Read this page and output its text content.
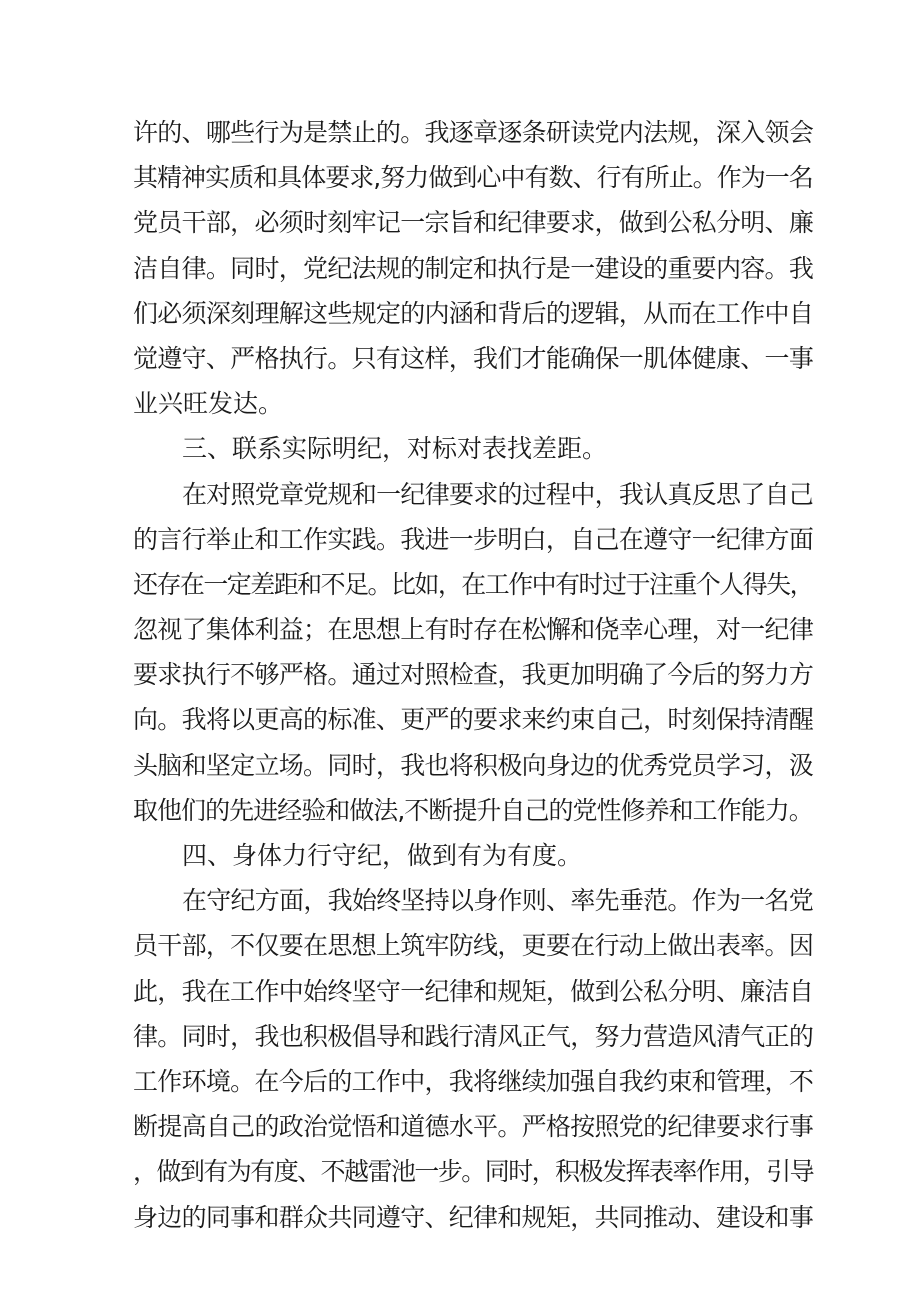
许的、哪些行为是禁止的。我逐章逐条研读党内法规，深入领会
其精神实质和具体要求,努力做到心中有数、行有所止。作为一名
党员干部，必须时刻牢记一宗旨和纪律要求，做到公私分明、廉
洁自律。同时，党纪法规的制定和执行是一建设的重要内容。我
们必须深刻理解这些规定的内涵和背后的逻辑，从而在工作中自
觉遵守、严格执行。只有这样，我们才能确保一肌体健康、一事
业兴旺发达。
三、联系实际明纪，对标对表找差距。
在对照党章党规和一纪律要求的过程中，我认真反思了自己
的言行举止和工作实践。我进一步明白，自己在遵守一纪律方面
还存在一定差距和不足。比如，在工作中有时过于注重个人得失，
忽视了集体利益；在思想上有时存在松懈和侥幸心理，对一纪律
要求执行不够严格。通过对照检查，我更加明确了今后的努力方
向。我将以更高的标准、更严的要求来约束自己，时刻保持清醒
头脑和坚定立场。同时，我也将积极向身边的优秀党员学习，汲
取他们的先进经验和做法,不断提升自己的党性修养和工作能力。
四、身体力行守纪，做到有为有度。
在守纪方面，我始终坚持以身作则、率先垂范。作为一名党
员干部，不仅要在思想上筑牢防线，更要在行动上做出表率。因
此，我在工作中始终坚守一纪律和规矩，做到公私分明、廉洁自
律。同时，我也积极倡导和践行清风正气，努力营造风清气正的
工作环境。在今后的工作中，我将继续加强自我约束和管理，不
断提高自己的政治觉悟和道德水平。严格按照党的纪律要求行事
，做到有为有度、不越雷池一步。同时，积极发挥表率作用，引导
身边的同事和群众共同遵守、纪律和规矩，共同推动、建设和事
